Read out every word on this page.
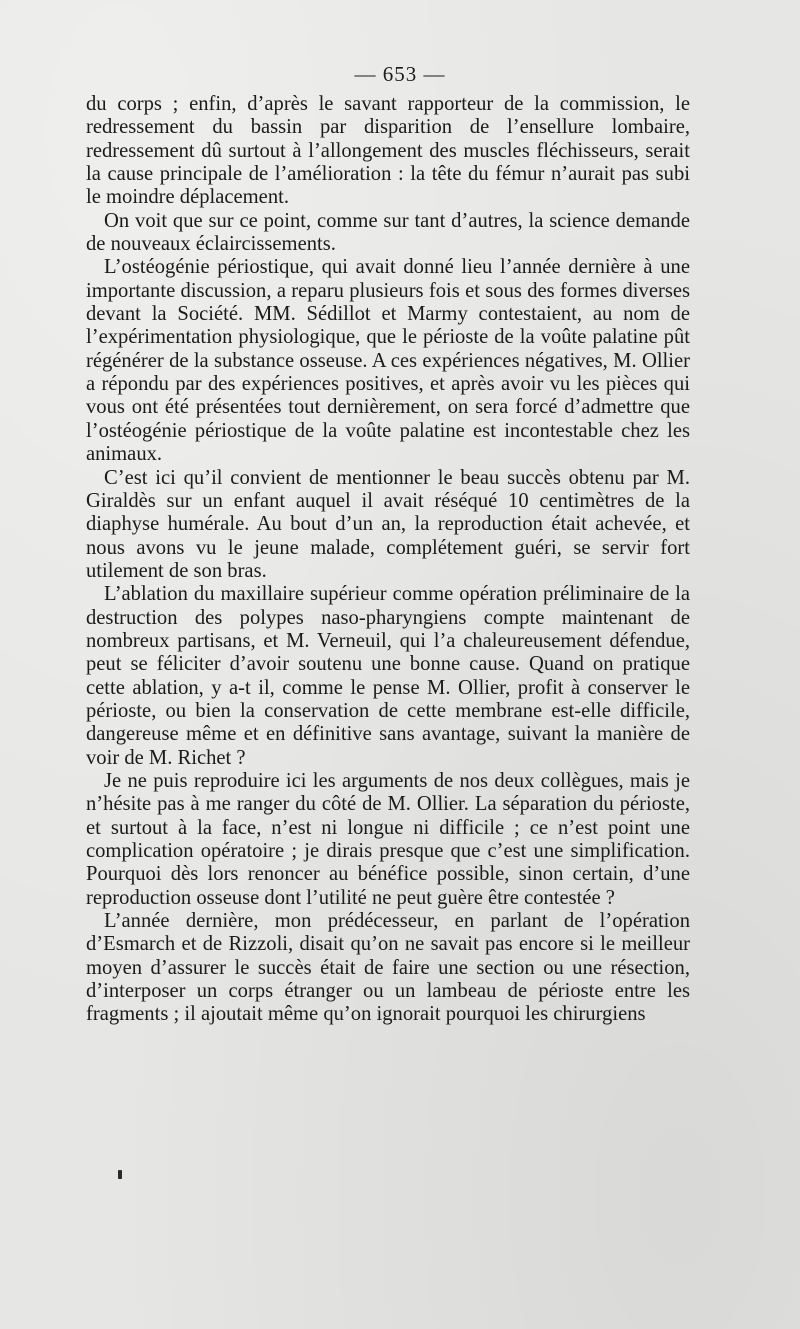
— 653 —

du corps ; enfin, d’après le savant rapporteur de la commission, le redressement du bassin par disparition de l’ensellure lombaire, redressement dû surtout à l’allongement des muscles fléchisseurs, serait la cause principale de l’amélioration : la tête du fémur n’aurait pas subi le moindre déplacement.

On voit que sur ce point, comme sur tant d’autres, la science demande de nouveaux éclaircissements.

L’ostéogénie périostique, qui avait donné lieu l’année dernière à une importante discussion, a reparu plusieurs fois et sous des formes diverses devant la Société. MM. Sédillot et Marmy contestaient, au nom de l’expérimentation physiologique, que le périoste de la voûte palatine pût régénérer de la substance osseuse. A ces expériences négatives, M. Ollier a répondu par des expériences positives, et après avoir vu les pièces qui vous ont été présentées tout dernièrement, on sera forcé d’admettre que l’ostéogénie périostique de la voûte palatine est incontestable chez les animaux.

C’est ici qu’il convient de mentionner le beau succès obtenu par M. Giraldès sur un enfant auquel il avait réséqué 10 centimètres de la diaphyse humérale. Au bout d’un an, la reproduction était achevée, et nous avons vu le jeune malade, complétement guéri, se servir fort utilement de son bras.

L’ablation du maxillaire supérieur comme opération préliminaire de la destruction des polypes naso-pharyngiens compte maintenant de nombreux partisans, et M. Verneuil, qui l’a chaleureusement défendue, peut se féliciter d’avoir soutenu une bonne cause. Quand on pratique cette ablation, y a-t il, comme le pense M. Ollier, profit à conserver le périoste, ou bien la conservation de cette membrane est-elle difficile, dangereuse même et en définitive sans avantage, suivant la manière de voir de M. Richet ?

Je ne puis reproduire ici les arguments de nos deux collègues, mais je n’hésite pas à me ranger du côté de M. Ollier. La séparation du périoste, et surtout à la face, n’est ni longue ni difficile ; ce n’est point une complication opératoire ; je dirais presque que c’est une simplification. Pourquoi dès lors renoncer au bénéfice possible, sinon certain, d’une reproduction osseuse dont l’utilité ne peut guère être contestée ?

L’année dernière, mon prédécesseur, en parlant de l’opération d’Esmarch et de Rizzoli, disait qu’on ne savait pas encore si le meilleur moyen d’assurer le succès était de faire une section ou une résection, d’interposer un corps étranger ou un lambeau de périoste entre les fragments ; il ajoutait même qu’on ignorait pourquoi les chirurgiens
